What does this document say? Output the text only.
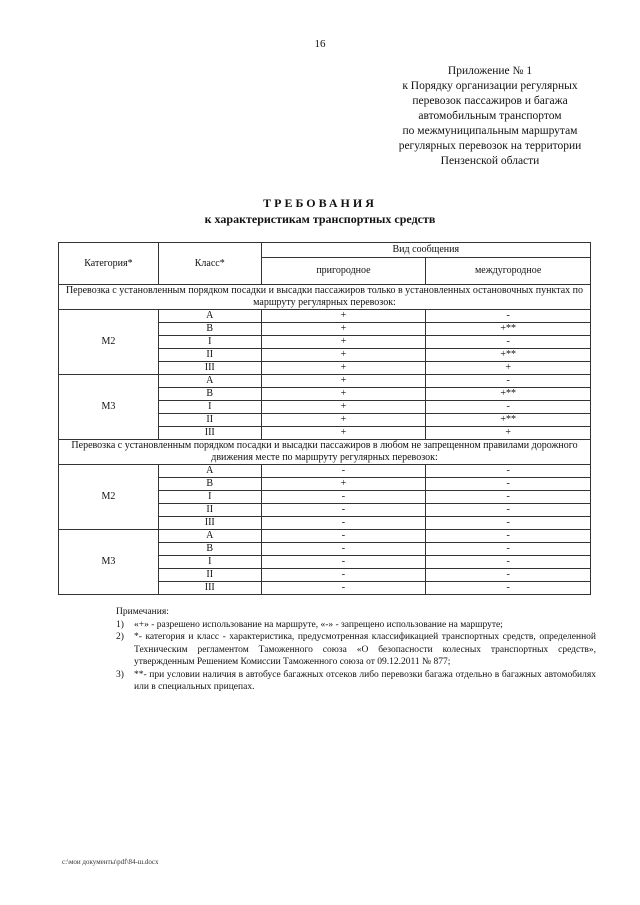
16
Приложение № 1
к Порядку организации регулярных
перевозок пассажиров и багажа
автомобильным транспортом
по межмуниципальным маршрутам
регулярных перевозок на территории
Пензенской области
ТРЕБОВАНИЯ
к характеристикам транспортных средств
Категория*	Класс*	Вид сообщения	
		пригородное	междугородное
Перевозка с установленным порядком посадки и высадки пассажиров только в установленных остановочных пунктах по маршруту регулярных перевозок:			
М2	A	+	-
	B	+	+**
	I	+	-
	II	+	+**
	III	+	+
М3	A	+	-
	B	+	+**
	I	+	-
	II	+	+**
	III	+	+
Перевозка с установленным порядком посадки и высадки пассажиров в любом не запрещенном правилами дорожного движения месте по маршруту регулярных перевозок:			
М2	A	-	-
	B	+	-
	I	-	-
	II	-	-
	III	-	-
М3	A	-	-
	B	-	-
	I	-	-
	II	-	-
	III	-	-
Примечания:
1)	«+» - разрешено использование на маршруте, «-» - запрещено использование на маршруте;
2)	*- категория и класс - характеристика, предусмотренная классификацией транспортных средств, определенной Техническим регламентом Таможенного союза «О безопасности колесных транспортных средств», утвержденным Решением Комиссии Таможенного союза от 09.12.2011 № 877;
3)	**- при условии наличия в автобусе багажных отсеков либо перевозки багажа отдельно в багажных автомобилях или в специальных прицепах.
c:\мои документы\pdf\84-ш.docx
